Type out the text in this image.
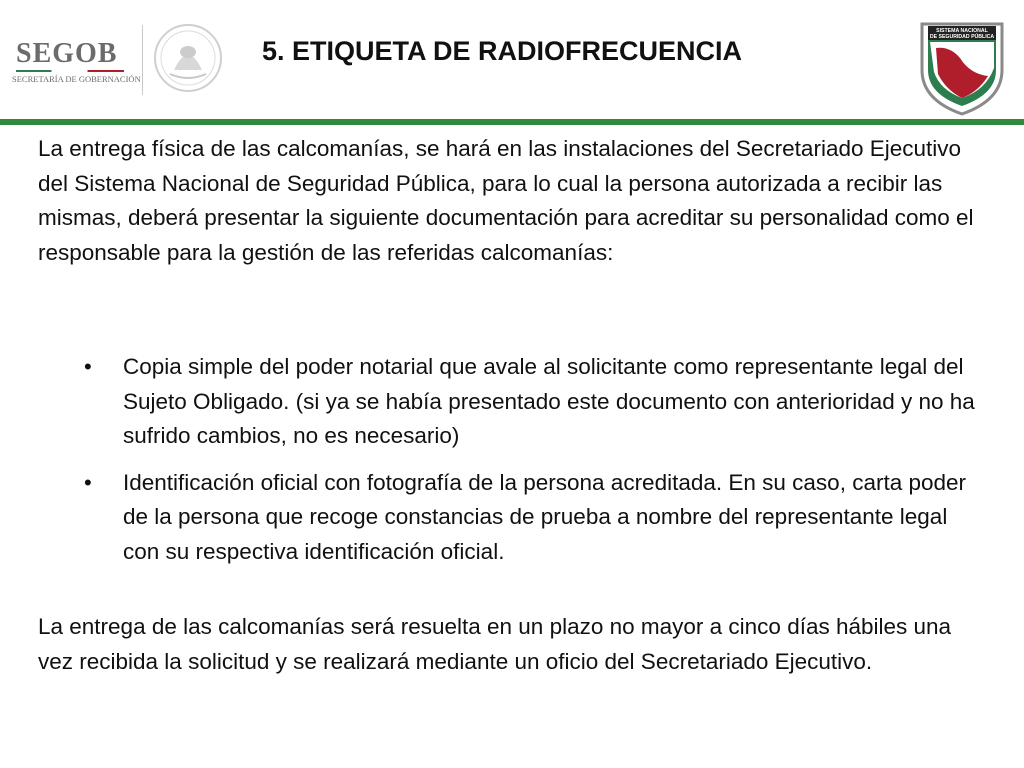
SEGOB
SECRETARÍA DE GOBERNACIÓN
5. ETIQUETA DE RADIOFRECUENCIA
SISTEMA NACIONAL
DE SEGURIDAD PÚBLICA

La entrega física de las calcomanías, se hará en las instalaciones del Secretariado Ejecutivo del Sistema Nacional de Seguridad Pública, para lo cual la persona autorizada a recibir las mismas, deberá presentar la siguiente documentación para acreditar su personalidad como el responsable para la gestión de las referidas calcomanías:

• Copia simple del poder notarial que avale al solicitante como representante legal del Sujeto Obligado. (si ya se había presentado este documento con anterioridad y no ha sufrido cambios, no es necesario)
• Identificación oficial con fotografía de la persona acreditada. En su caso, carta poder de la persona que recoge constancias de prueba a nombre del representante legal con su respectiva identificación oficial.

La entrega de las calcomanías será resuelta en un plazo no mayor a cinco días hábiles una vez recibida la solicitud y se realizará mediante un oficio del Secretariado Ejecutivo.
